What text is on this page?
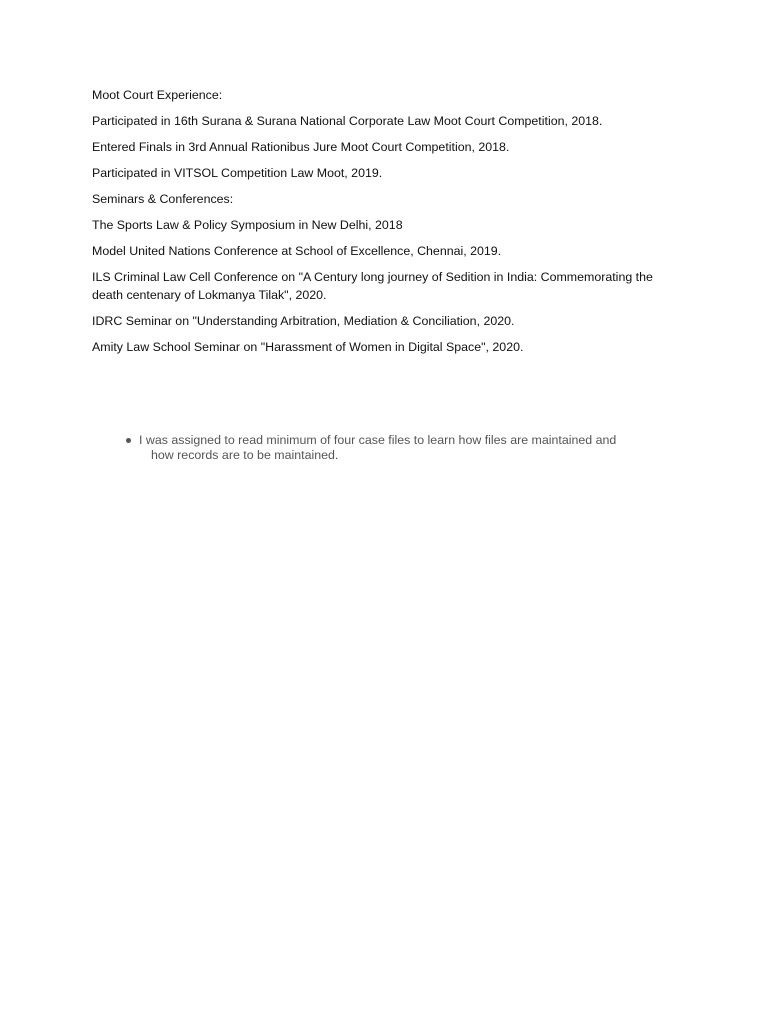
Moot Court Experience:

Participated in 16th Surana & Surana National Corporate Law Moot Court Competition, 2018.

Entered Finals in 3rd Annual Rationibus Jure Moot Court Competition, 2018.

Participated in VITSOL Competition Law Moot, 2019.

Seminars & Conferences:

The Sports Law & Policy Symposium in New Delhi, 2018

Model United Nations Conference at School of Excellence, Chennai, 2019.

ILS Criminal Law Cell Conference on "A Century long journey of Sedition in India: Commemorating the death centenary of Lokmanya Tilak", 2020.

IDRC Seminar on "Understanding Arbitration, Mediation & Conciliation, 2020.

Amity Law School Seminar on "Harassment of Women in Digital Space", 2020.

I was assigned to read minimum of four case files to learn how files are maintained and
how records are to be maintained.
